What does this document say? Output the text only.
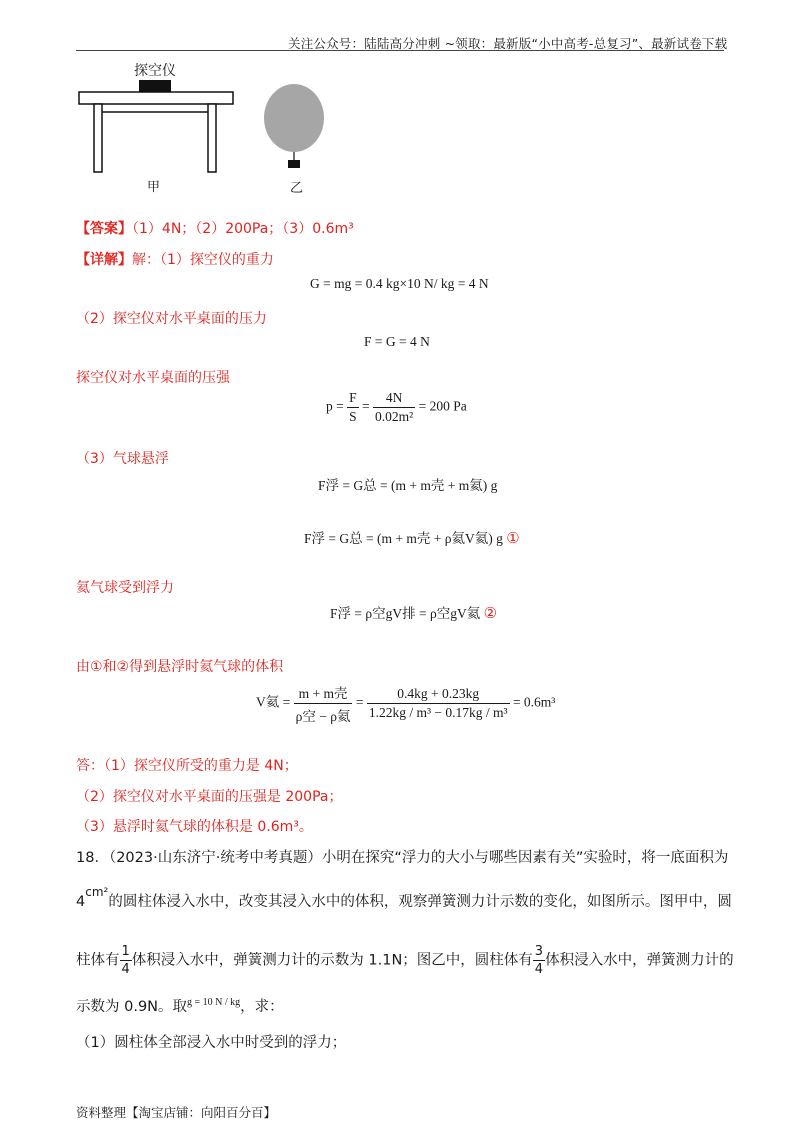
关注公众号：陆陆高分冲刺 ~领取：最新版“小中高考-总复习”、最新试卷下载
探空仪
甲	乙
【答案】（1）4N；（2）200Pa；（3）0.6m³
【详解】解：（1）探空仪的重力
G = mg = 0.4 kg×10 N/ kg = 4 N
（2）探空仪对水平桌面的压力
F = G = 4 N
探空仪对水平桌面的压强
$p = \frac{F}{S} = \frac{4N}{\text{0.02m²}} = 200$ Pa
（3）气球悬浮
F浮 = G总 = (m + m壳 + m氦) g
F浮 = G总 = (m + m壳 + ρ氦V氦) g ①
氦气球受到浮力
F浮 = ρ空gV排 = ρ空gV氦 ②
由①和②得到悬浮时氦气球的体积
V氦 = $\frac{\text{m + m壳}}{\text{ρ空 − ρ氦}} = \frac{0.4kg + 0.23kg}{\text{1.22kg / m³ − 0.17kg / m³}} = 0.6m^3$
答：（1）探空仪所受的重力是 4N；
（2）探空仪对水平桌面的压强是 200Pa；
（3）悬浮时氦气球的体积是 0.6m³。
18．（2023·山东济宁·统考中考真题）小明在探究“浮力的大小与哪些因素有关”实验时，将一底面积为
$4^{cm^2}$的圆柱体浸入水中，改变其浸入水中的体积，观察弹簧测力计示数的变化，如图所示。图甲中，圆
柱体有 $\frac{1}{4}$ 体积浸入水中，弹簧测力计的示数为 1.1N；图乙中，圆柱体有 $\frac{3}{4}$ 体积浸入水中，弹簧测力计的
示数为 0.9N。取$^{g = 10 N / kg}$，求：
（1）圆柱体全部浸入水中时受到的浮力；
资料整理【淘宝店铺：向阳百分百】
